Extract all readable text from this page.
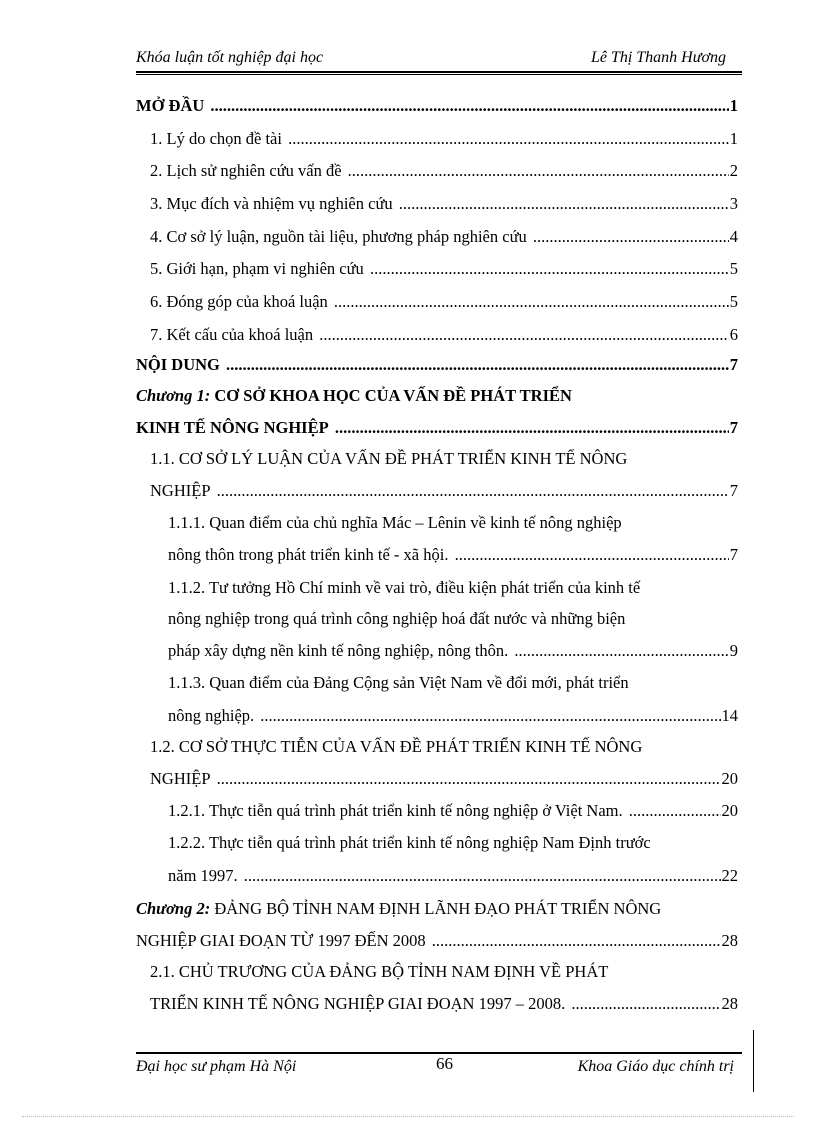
Khóa luận tốt nghiệp đại học	Lê Thị Thanh Hương
MỞ ĐẦU	1
.....
1. Lý do chọn đề tài	1
.....
2. Lịch sử nghiên cứu vấn đề	2
.....
3. Mục đích và nhiệm vụ nghiên cứu	3
.....
4. Cơ sở lý luận, nguồn tài liệu, phương pháp nghiên cứu	4
.....
5. Giới hạn, phạm vi nghiên cứu	5
.....
6. Đóng góp của khoá luận	5
.....
7. Kết cấu của khoá luận	6
.....
NỘI DUNG	7
.....
Chương 1: CƠ SỞ KHOA HỌC CỦA VẤN ĐỀ PHÁT TRIỂN
KINH TẾ NÔNG NGHIỆP	7
.....
1.1. CƠ SỞ LÝ LUẬN CỦA VẤN ĐỀ PHÁT TRIỂN KINH TẾ NÔNG
NGHIỆP	7
.....
1.1.1. Quan điểm của chủ nghĩa Mác – Lênin về kinh tế nông nghiệp
nông thôn trong phát triển kinh tế - xã hội.	7
.....
1.1.2. Tư tưởng Hồ Chí minh về vai trò, điều kiện phát triển của kinh tế
nông nghiệp trong quá trình công nghiệp hoá đất nước và những biện
pháp xây dựng nền kinh tế nông nghiệp, nông thôn.	9
.....
1.1.3. Quan điểm của Đảng Cộng sản Việt Nam về đổi mới, phát triển
nông nghiệp.	14
.....
1.2. CƠ SỞ THỰC TIỄN CỦA VẤN ĐỀ PHÁT TRIỂN KINH TẾ NÔNG
NGHIỆP	20
.....
1.2.1. Thực tiễn quá trình phát triển kinh tế nông nghiệp ở Việt Nam.	20
.....
1.2.2. Thực tiễn quá trình phát triển kinh tế nông nghiệp Nam Định trước
năm 1997.	22
.....
Chương 2: ĐẢNG BỘ TỈNH NAM ĐỊNH LÃNH ĐẠO PHÁT TRIỂN NÔNG
NGHIỆP GIAI ĐOẠN TỪ 1997 ĐẾN 2008	28
.....
2.1. CHỦ TRƯƠNG CỦA ĐẢNG BỘ TỈNH NAM ĐỊNH VỀ PHÁT
TRIỂN KINH TẾ NÔNG NGHIỆP GIAI ĐOẠN 1997 – 2008.	28
.....
Đại học sư phạm Hà Nội	66	Khoa Giáo dục chính trị
